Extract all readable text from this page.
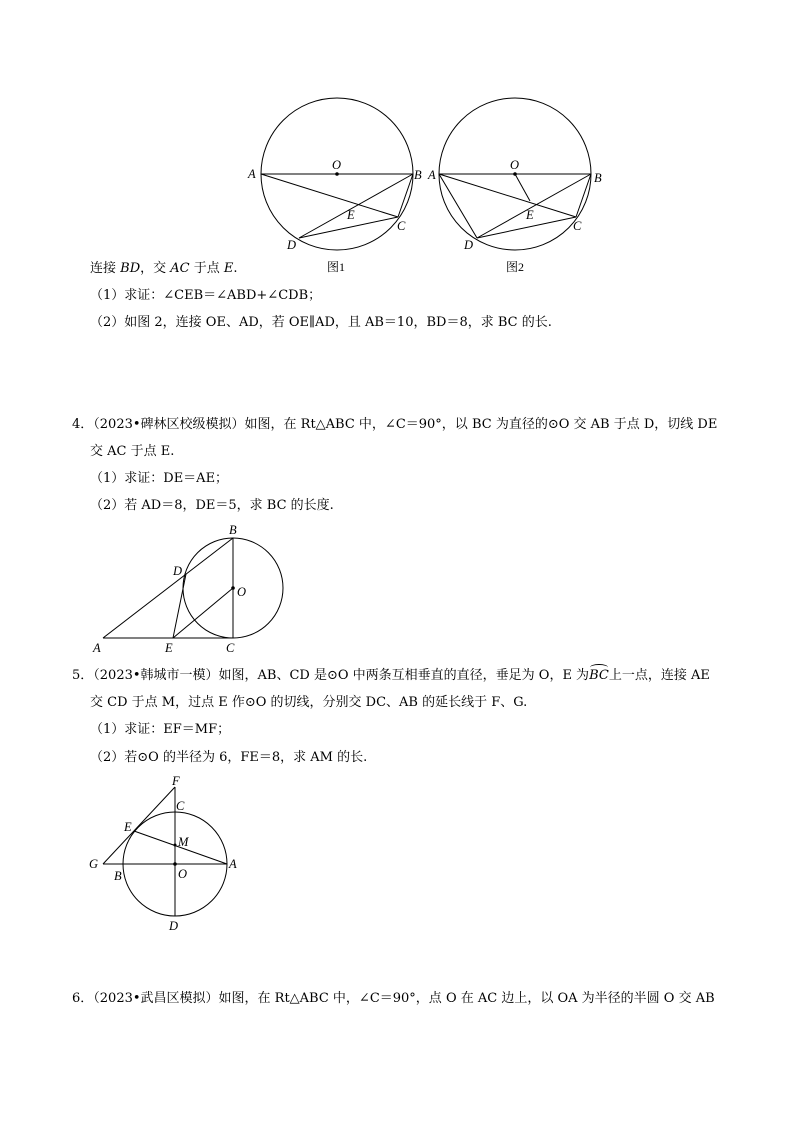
A
O
B
E
C
D
图1
A
O
B
E
C
D
图2
连接 BD，交 AC 于点 E.
（1）求证：∠CEB＝∠ABD+∠CDB；
（2）如图 2，连接 OE、AD，若 OE∥AD，且 AB＝10，BD＝8，求 BC 的长.
4．（2023•碑林区校级模拟）如图，在 Rt△ABC 中，∠C＝90°，以 BC 为直径的⊙O 交 AB 于点 D，切线 DE
交 AC 于点 E.
（1）求证：DE＝AE；
（2）若 AD＝8，DE＝5，求 BC 的长度.
B
D
O
A	E	C
5．（2023•韩城市一模）如图，AB、CD 是⊙O 中两条互相垂直的直径，垂足为 O，E 为BC上一点，连接 AE
交 CD 于点 M，过点 E 作⊙O 的切线，分别交 DC、AB 的延长线于 F、G.
（1）求证：EF＝MF；
（2）若⊙O 的半径为 6，FE＝8，求 AM 的长.
F
C
E
M
G
B	O
A
D
6．（2023•武昌区模拟）如图，在 Rt△ABC 中，∠C＝90°，点 O 在 AC 边上，以 OA 为半径的半圆 O 交 AB
